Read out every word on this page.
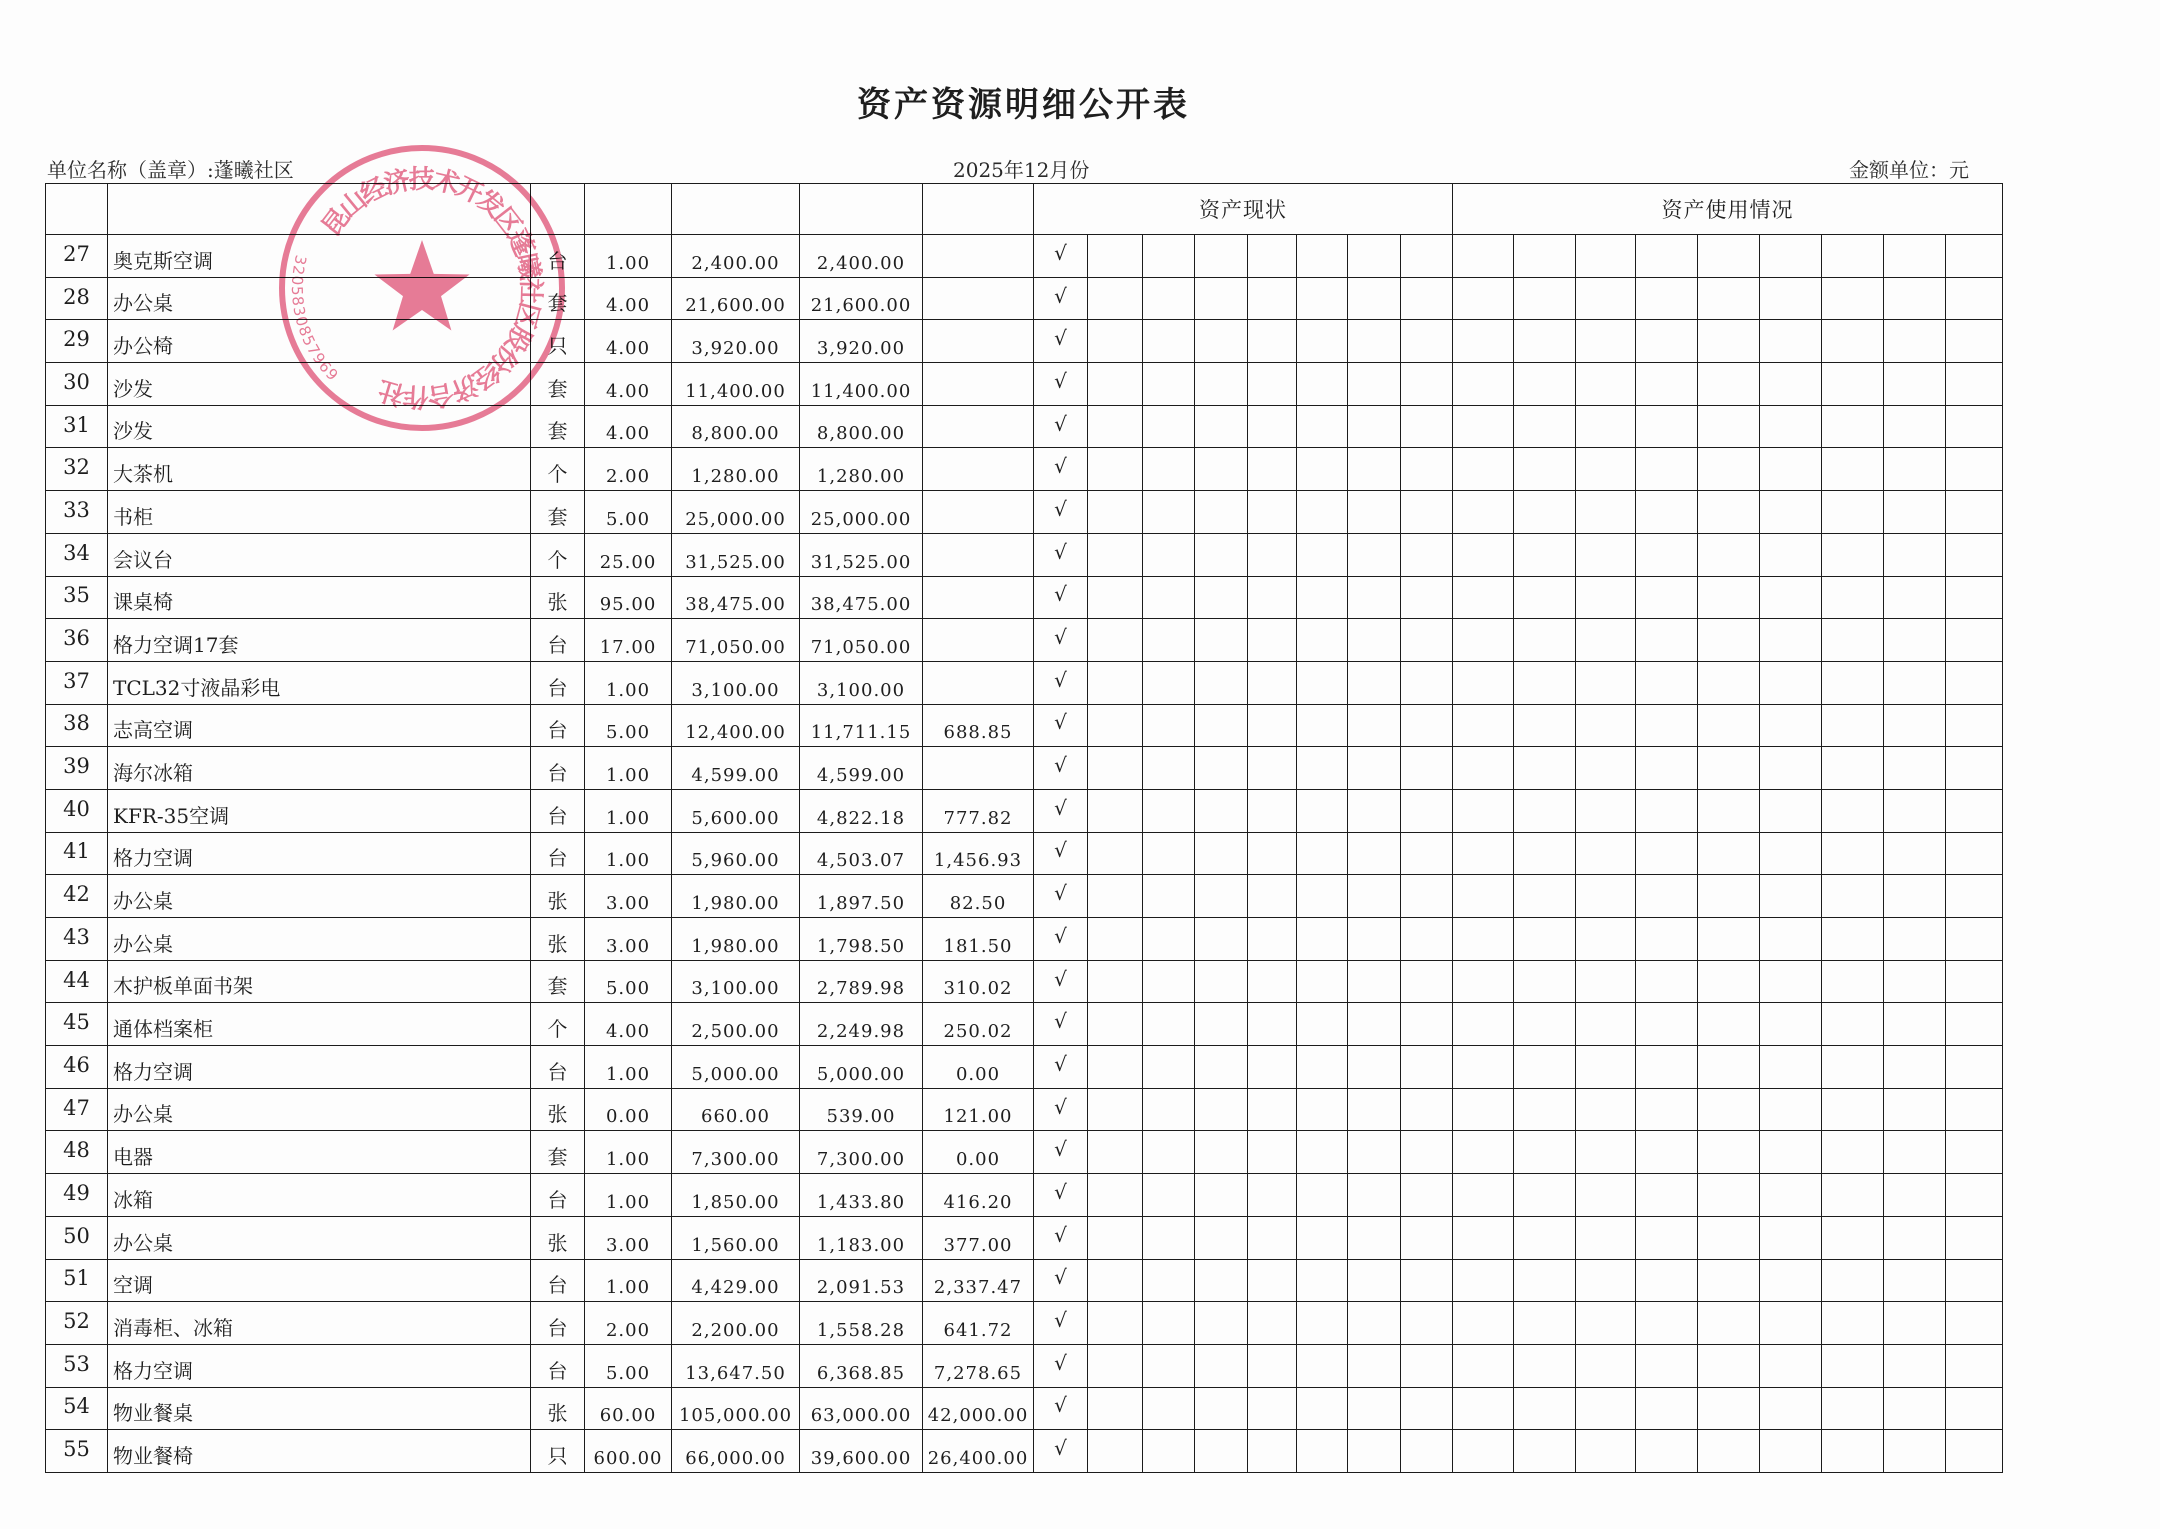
资产资源明细公开表
单位名称（盖章）:蓬曦社区	2025年12月份	金额单位：元
							资产现状								资产使用情况								
27	奥克斯空调	台	1.00	2,400.00	2,400.00		√																
28	办公桌	套	4.00	21,600.00	21,600.00		√																
29	办公椅	只	4.00	3,920.00	3,920.00		√																
30	沙发	套	4.00	11,400.00	11,400.00		√																
31	沙发	套	4.00	8,800.00	8,800.00		√																
32	大茶机	个	2.00	1,280.00	1,280.00		√																
33	书柜	套	5.00	25,000.00	25,000.00		√																
34	会议台	个	25.00	31,525.00	31,525.00		√																
35	课桌椅	张	95.00	38,475.00	38,475.00		√																
36	格力空调17套	台	17.00	71,050.00	71,050.00		√																
37	TCL32寸液晶彩电	台	1.00	3,100.00	3,100.00		√																
38	志高空调	台	5.00	12,400.00	11,711.15	688.85	√																
39	海尔冰箱	台	1.00	4,599.00	4,599.00		√																
40	KFR-35空调	台	1.00	5,600.00	4,822.18	777.82	√																
41	格力空调	台	1.00	5,960.00	4,503.07	1,456.93	√																
42	办公桌	张	3.00	1,980.00	1,897.50	82.50	√																
43	办公桌	张	3.00	1,980.00	1,798.50	181.50	√																
44	木护板单面书架	套	5.00	3,100.00	2,789.98	310.02	√																
45	通体档案柜	个	4.00	2,500.00	2,249.98	250.02	√																
46	格力空调	台	1.00	5,000.00	5,000.00	0.00	√																
47	办公桌	张	0.00	660.00	539.00	121.00	√																
48	电器	套	1.00	7,300.00	7,300.00	0.00	√																
49	冰箱	台	1.00	1,850.00	1,433.80	416.20	√																
50	办公桌	张	3.00	1,560.00	1,183.00	377.00	√																
51	空调	台	1.00	4,429.00	2,091.53	2,337.47	√																
52	消毒柜、冰箱	台	2.00	2,200.00	1,558.28	641.72	√																
53	格力空调	台	5.00	13,647.50	6,368.85	7,278.65	√																
54	物业餐桌	张	60.00	105,000.00	63,000.00	42,000.00	√																
55	物业餐椅	只	600.00	66,000.00	39,600.00	26,400.00	√																
昆山经济技术开发区蓬曦社区股份经济合作社
3205830857969
